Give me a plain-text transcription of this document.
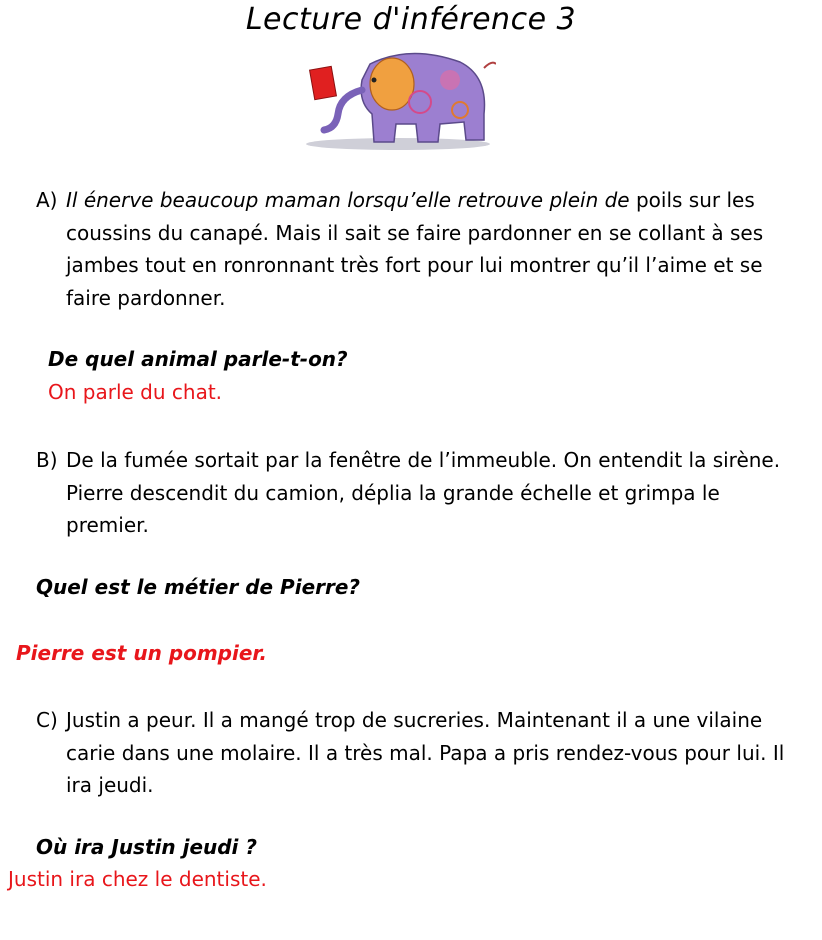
Lecture d'inférence 3
A) Il énerve beaucoup maman lorsqu’elle retrouve plein de poils sur les coussins du canapé. Mais il sait se faire pardonner en se collant à ses jambes tout en ronronnant très fort pour lui montrer qu’il l’aime et se faire pardonner.
De quel animal parle-t-on?
On parle du chat.
B) De la fumée sortait par la fenêtre de l’immeuble. On entendit la sirène. Pierre descendit du camion, déplia la grande échelle et grimpa le premier.
Quel est le métier de Pierre?
Pierre est un pompier.
C) Justin a peur. Il a mangé trop de sucreries. Maintenant il a une vilaine carie dans une molaire. Il a très mal. Papa a pris rendez-vous pour lui. Il ira jeudi.
Où ira Justin jeudi ?
Justin ira chez le dentiste.
